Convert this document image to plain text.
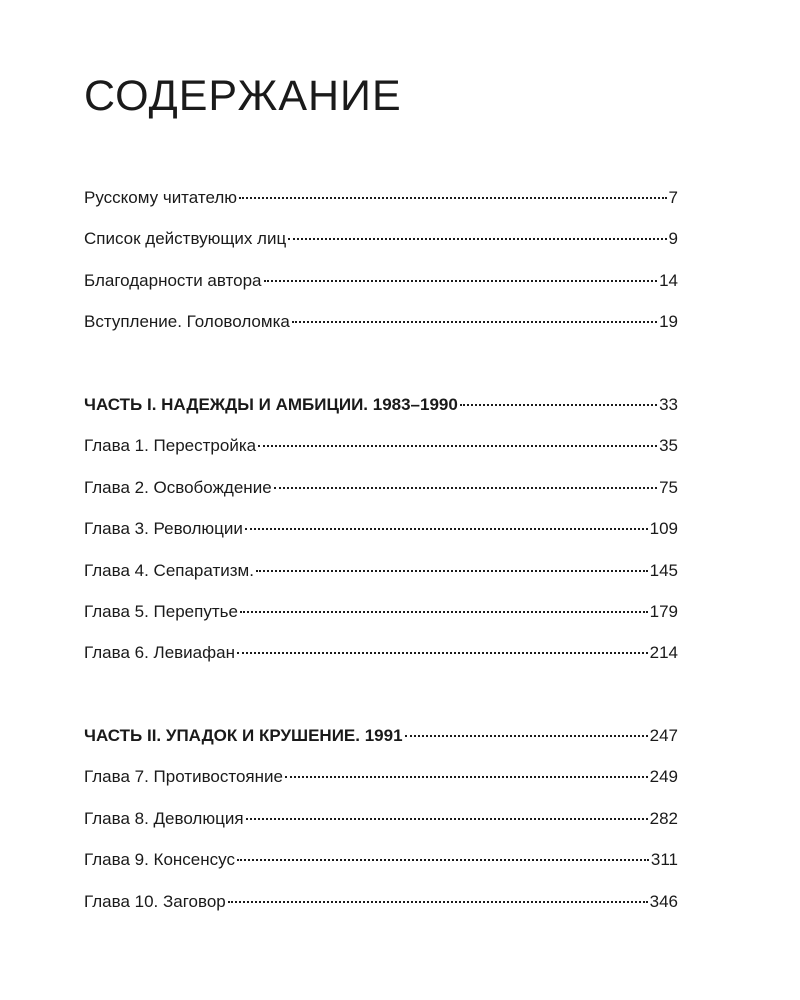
СОДЕРЖАНИЕ
Русскому читателю	7
Список действующих лиц	9
Благодарности автора	14
Вступление. Головоломка	19
ЧАСТЬ I. НАДЕЖДЫ И АМБИЦИИ. 1983–1990	33
Глава 1. Перестройка	35
Глава 2. Освобождение	75
Глава 3. Революции	109
Глава 4. Сепаратизм.	145
Глава 5. Перепутье	179
Глава 6. Левиафан	214
ЧАСТЬ II. УПАДОК И КРУШЕНИЕ. 1991	247
Глава 7. Противостояние	249
Глава 8. Деволюция	282
Глава 9. Консенсус	311
Глава 10. Заговор	346
